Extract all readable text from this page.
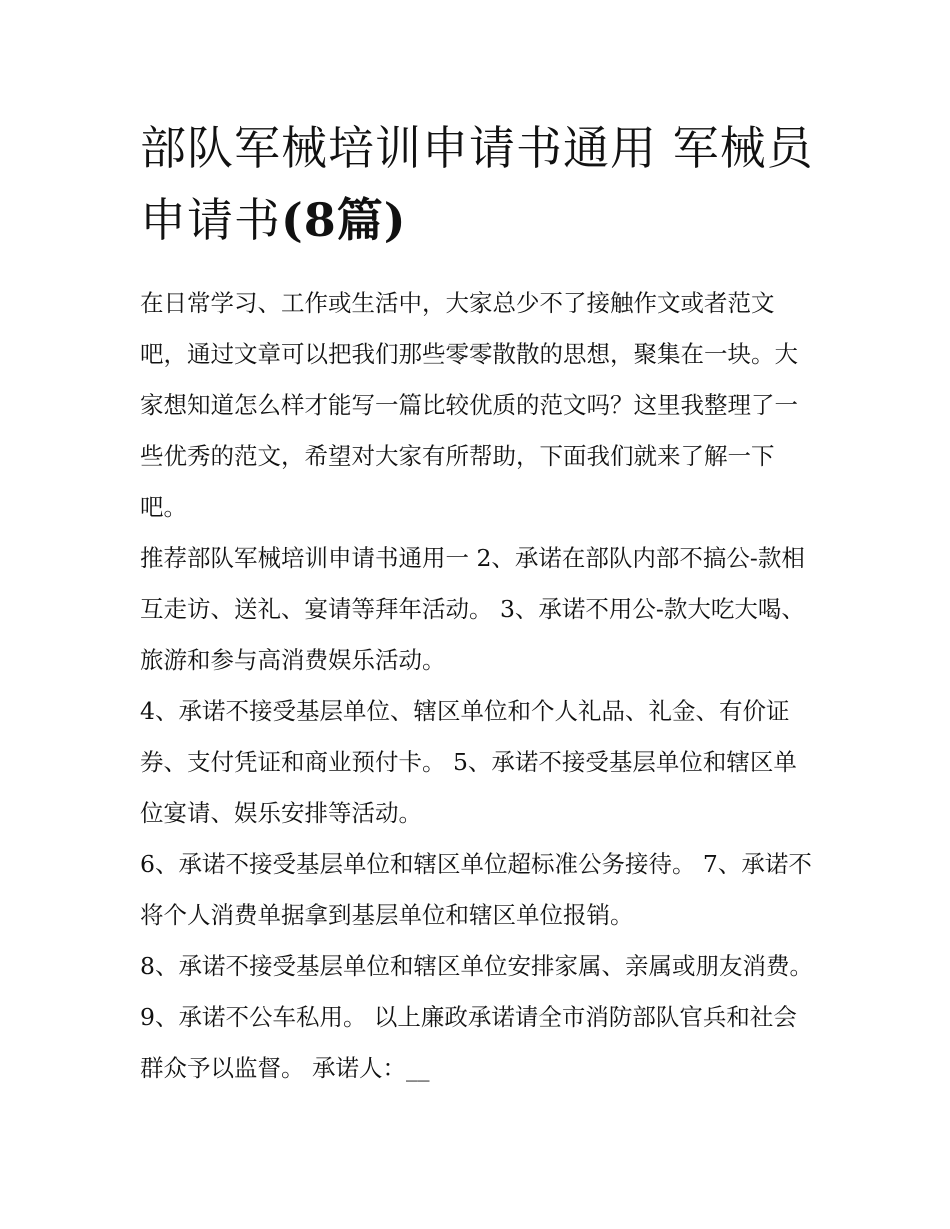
部队军械培训申请书通用 军械员申请书(8篇)

在日常学习、工作或生活中，大家总少不了接触作文或者范文吧，通过文章可以把我们那些零零散散的思想，聚集在一块。大家想知道怎么样才能写一篇比较优质的范文吗？这里我整理了一些优秀的范文，希望对大家有所帮助，下面我们就来了解一下吧。

推荐部队军械培训申请书通用一 2、承诺在部队内部不搞公-款相互走访、送礼、宴请等拜年活动。 3、承诺不用公-款大吃大喝、旅游和参与高消费娱乐活动。

4、承诺不接受基层单位、辖区单位和个人礼品、礼金、有价证券、支付凭证和商业预付卡。 5、承诺不接受基层单位和辖区单位宴请、娱乐安排等活动。

6、承诺不接受基层单位和辖区单位超标准公务接待。 7、承诺不将个人消费单据拿到基层单位和辖区单位报销。

8、承诺不接受基层单位和辖区单位安排家属、亲属或朋友消费。 9、承诺不公车私用。 以上廉政承诺请全市消防部队官兵和社会群众予以监督。 承诺人：__
